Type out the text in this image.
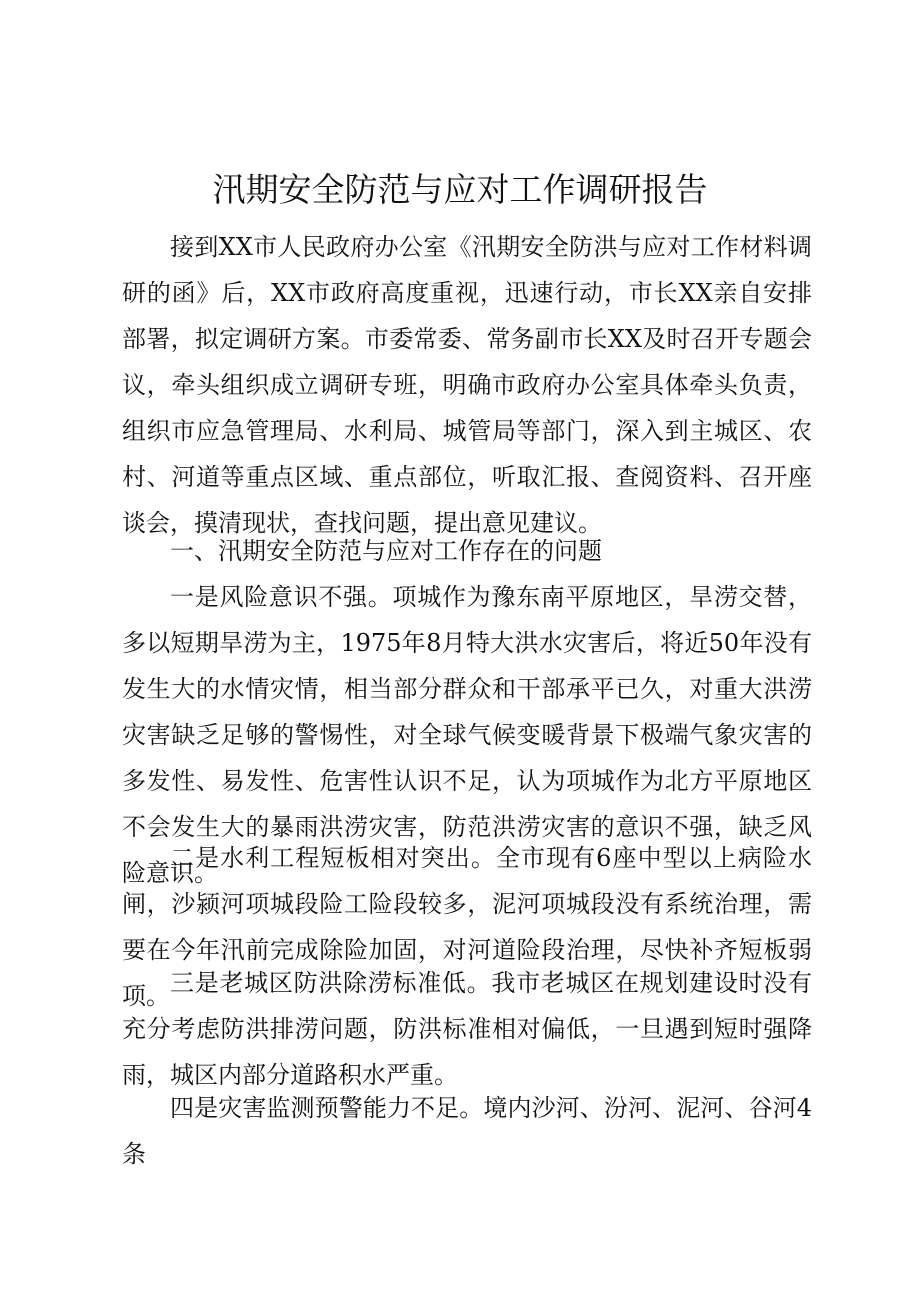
汛期安全防范与应对工作调研报告

接到XX市人民政府办公室《汛期安全防洪与应对工作材料调研的函》后，XX市政府高度重视，迅速行动，市长XX亲自安排部署，拟定调研方案。市委常委、常务副市长XX及时召开专题会议，牵头组织成立调研专班，明确市政府办公室具体牵头负责，组织市应急管理局、水利局、城管局等部门，深入到主城区、农村、河道等重点区域、重点部位，听取汇报、查阅资料、召开座谈会，摸清现状，查找问题，提出意见建议。

一、汛期安全防范与应对工作存在的问题

一是风险意识不强。项城作为豫东南平原地区，旱涝交替，多以短期旱涝为主，1975年8月特大洪水灾害后，将近50年没有发生大的水情灾情，相当部分群众和干部承平已久，对重大洪涝灾害缺乏足够的警惕性，对全球气候变暖背景下极端气象灾害的多发性、易发性、危害性认识不足，认为项城作为北方平原地区不会发生大的暴雨洪涝灾害，防范洪涝灾害的意识不强，缺乏风险意识。

二是水利工程短板相对突出。全市现有6座中型以上病险水闸，沙颍河项城段险工险段较多，泥河项城段没有系统治理，需要在今年汛前完成除险加固，对河道险段治理，尽快补齐短板弱项。 三是老城区防洪除涝标准低。我市老城区在规划建设时没有充分考虑防洪排涝问题，防洪标准相对偏低，一旦遇到短时强降雨，城区内部分道路积水严重。

四是灾害监测预警能力不足。境内沙河、汾河、泥河、谷河4条
